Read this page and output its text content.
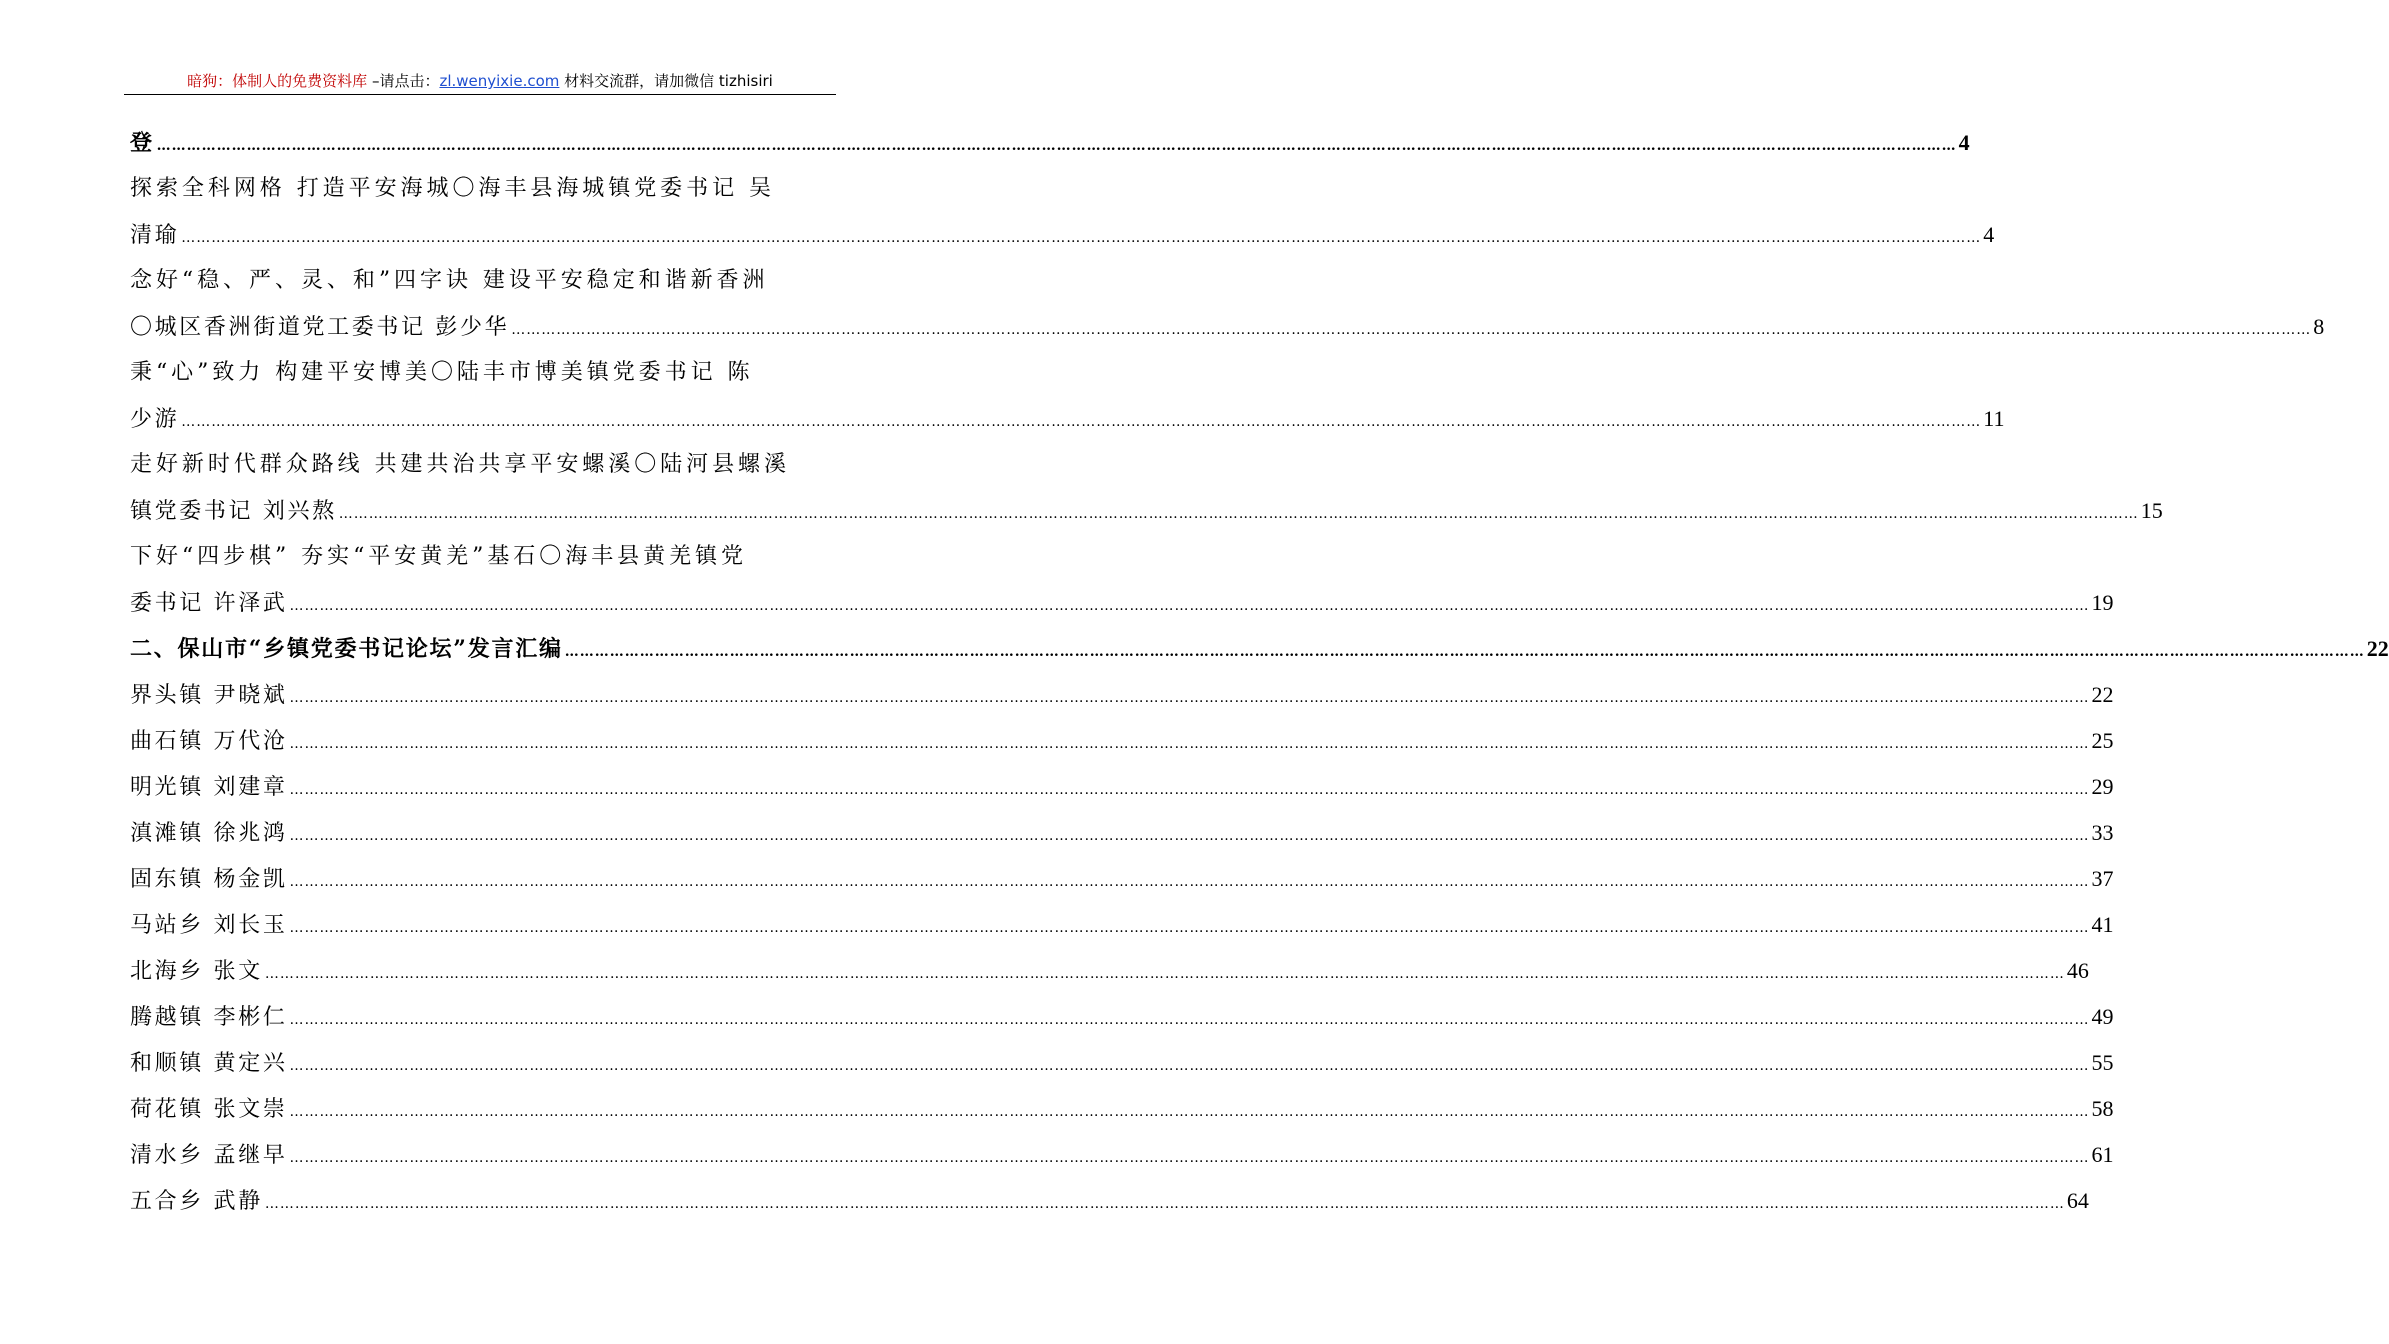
暗狗：体制人的免费资料库 –请点击：zl.wenyixie.com 材料交流群，请加微信 tizhisiri
登 ……………………………………………………………………………………………………………………………………………………………………………………………………………………………………………………………………………………………………………………………… 4
探索全科网格 打造平安海城〇海丰县海城镇党委书记 吴
清瑜 ……………………………………………………………………………………………………………………………………………………………………………………………………………………………………………………………………………………………………………………………… 4
念好“稳、严、灵、和”四字诀 建设平安稳定和谐新香洲
〇城区香洲街道党工委书记 彭少华 ……………………………………………………………………………………………………………………………………………………………………………………………………………………………………………………………………………………………………………………………… 8
秉“心”致力 构建平安博美〇陆丰市博美镇党委书记 陈
少游 ……………………………………………………………………………………………………………………………………………………………………………………………………………………………………………………………………………………………………………………………… 11
走好新时代群众路线 共建共治共享平安螺溪〇陆河县螺溪
镇党委书记 刘兴熬 ……………………………………………………………………………………………………………………………………………………………………………………………………………………………………………………………………………………………………………………………… 15
下好“四步棋” 夯实“平安黄羌”基石〇海丰县黄羌镇党
委书记 许泽武 ……………………………………………………………………………………………………………………………………………………………………………………………………………………………………………………………………………………………………………………………… 19
二、保山市“乡镇党委书记论坛”发言汇编 ……………………………………………………………………………………………………………………………………………………………………………………………………………………………………………………………………………………………………………………………… 22
界头镇 尹晓斌 ……………………………………………………………………………………………………………………………………………………………………………………………………………………………………………………………………………………………………………………………… 22
曲石镇 万代沧 ……………………………………………………………………………………………………………………………………………………………………………………………………………………………………………………………………………………………………………………………… 25
明光镇 刘建章 ……………………………………………………………………………………………………………………………………………………………………………………………………………………………………………………………………………………………………………………………… 29
滇滩镇 徐兆鸿 ……………………………………………………………………………………………………………………………………………………………………………………………………………………………………………………………………………………………………………………………… 33
固东镇 杨金凯 ……………………………………………………………………………………………………………………………………………………………………………………………………………………………………………………………………………………………………………………………… 37
马站乡 刘长玉 ……………………………………………………………………………………………………………………………………………………………………………………………………………………………………………………………………………………………………………………………… 41
北海乡 张文 ……………………………………………………………………………………………………………………………………………………………………………………………………………………………………………………………………………………………………………………………… 46
腾越镇 李彬仁 ……………………………………………………………………………………………………………………………………………………………………………………………………………………………………………………………………………………………………………………………… 49
和顺镇 黄定兴 ……………………………………………………………………………………………………………………………………………………………………………………………………………………………………………………………………………………………………………………………… 55
荷花镇 张文崇 ……………………………………………………………………………………………………………………………………………………………………………………………………………………………………………………………………………………………………………………………… 58
清水乡 孟继早 ……………………………………………………………………………………………………………………………………………………………………………………………………………………………………………………………………………………………………………………………… 61
五合乡 武静 ……………………………………………………………………………………………………………………………………………………………………………………………………………………………………………………………………………………………………………………………… 64
